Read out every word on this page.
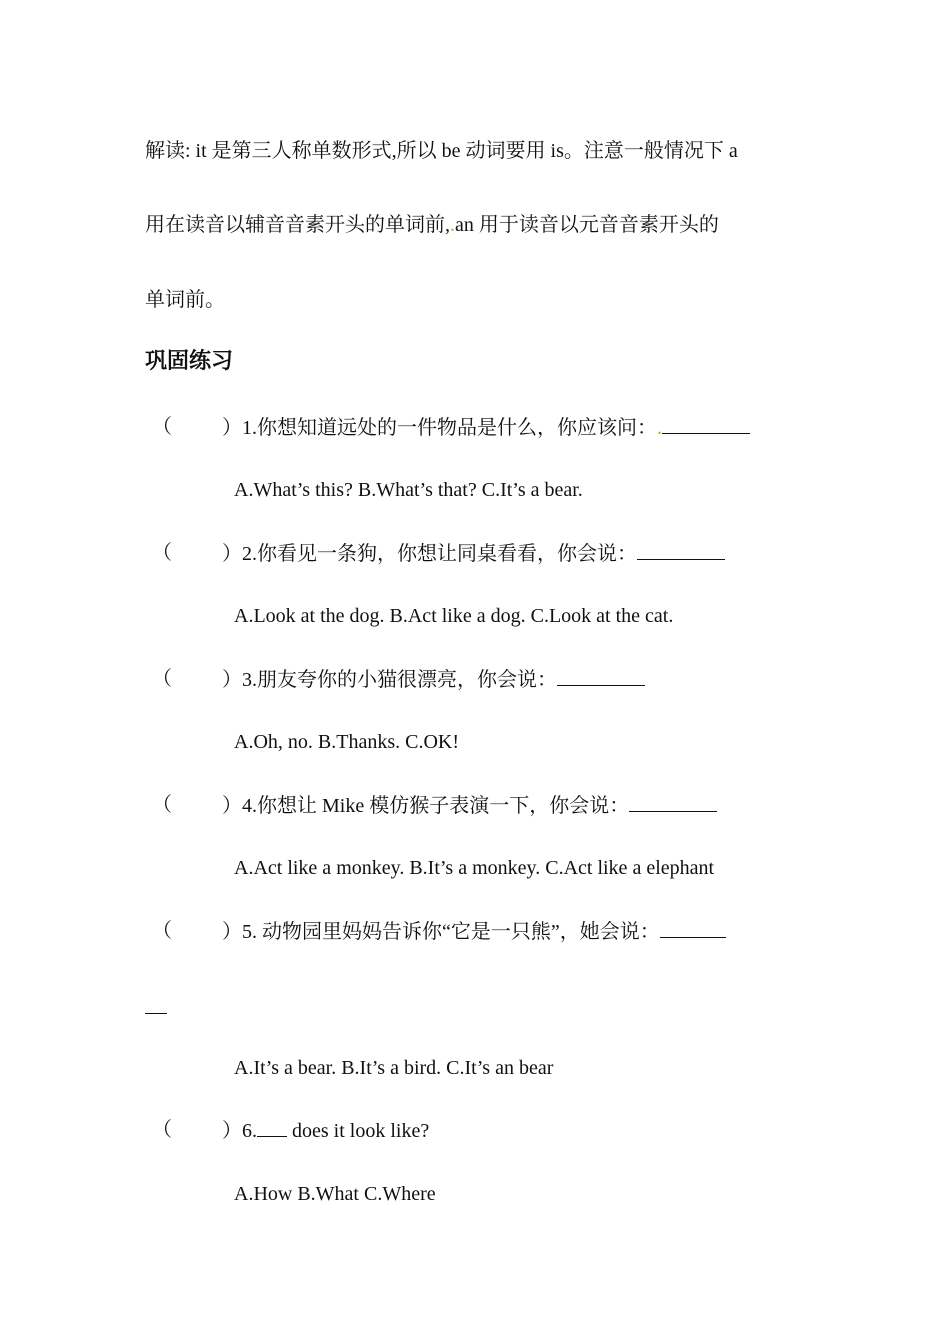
解读: it 是第三人称单数形式,所以 be 动词要用 is。注意一般情况下 a
用在读音以辅音音素开头的单词前,.an 用于读音以元音音素开头的
单词前。
巩固练习
（	）1.你想知道远处的一件物品是什么，你应该问：.
A.What’s this? B.What’s that? C.It’s a bear.
（	）2.你看见一条狗，你想让同桌看看，你会说：
A.Look at the dog. B.Act like a dog. C.Look at the cat.
（	）3.朋友夸你的小猫很漂亮，你会说：
A.Oh, no. B.Thanks. C.OK!
（	）4.你想让 Mike 模仿猴子表演一下，你会说：
A.Act like a monkey. B.It’s a monkey. C.Act like a elephant
（	）5. 动物园里妈妈告诉你“它是一只熊”，她会说：
A.It’s a bear. B.It’s a bird. C.It’s an bear
（	）6. does it look like?
A.How B.What C.Where
